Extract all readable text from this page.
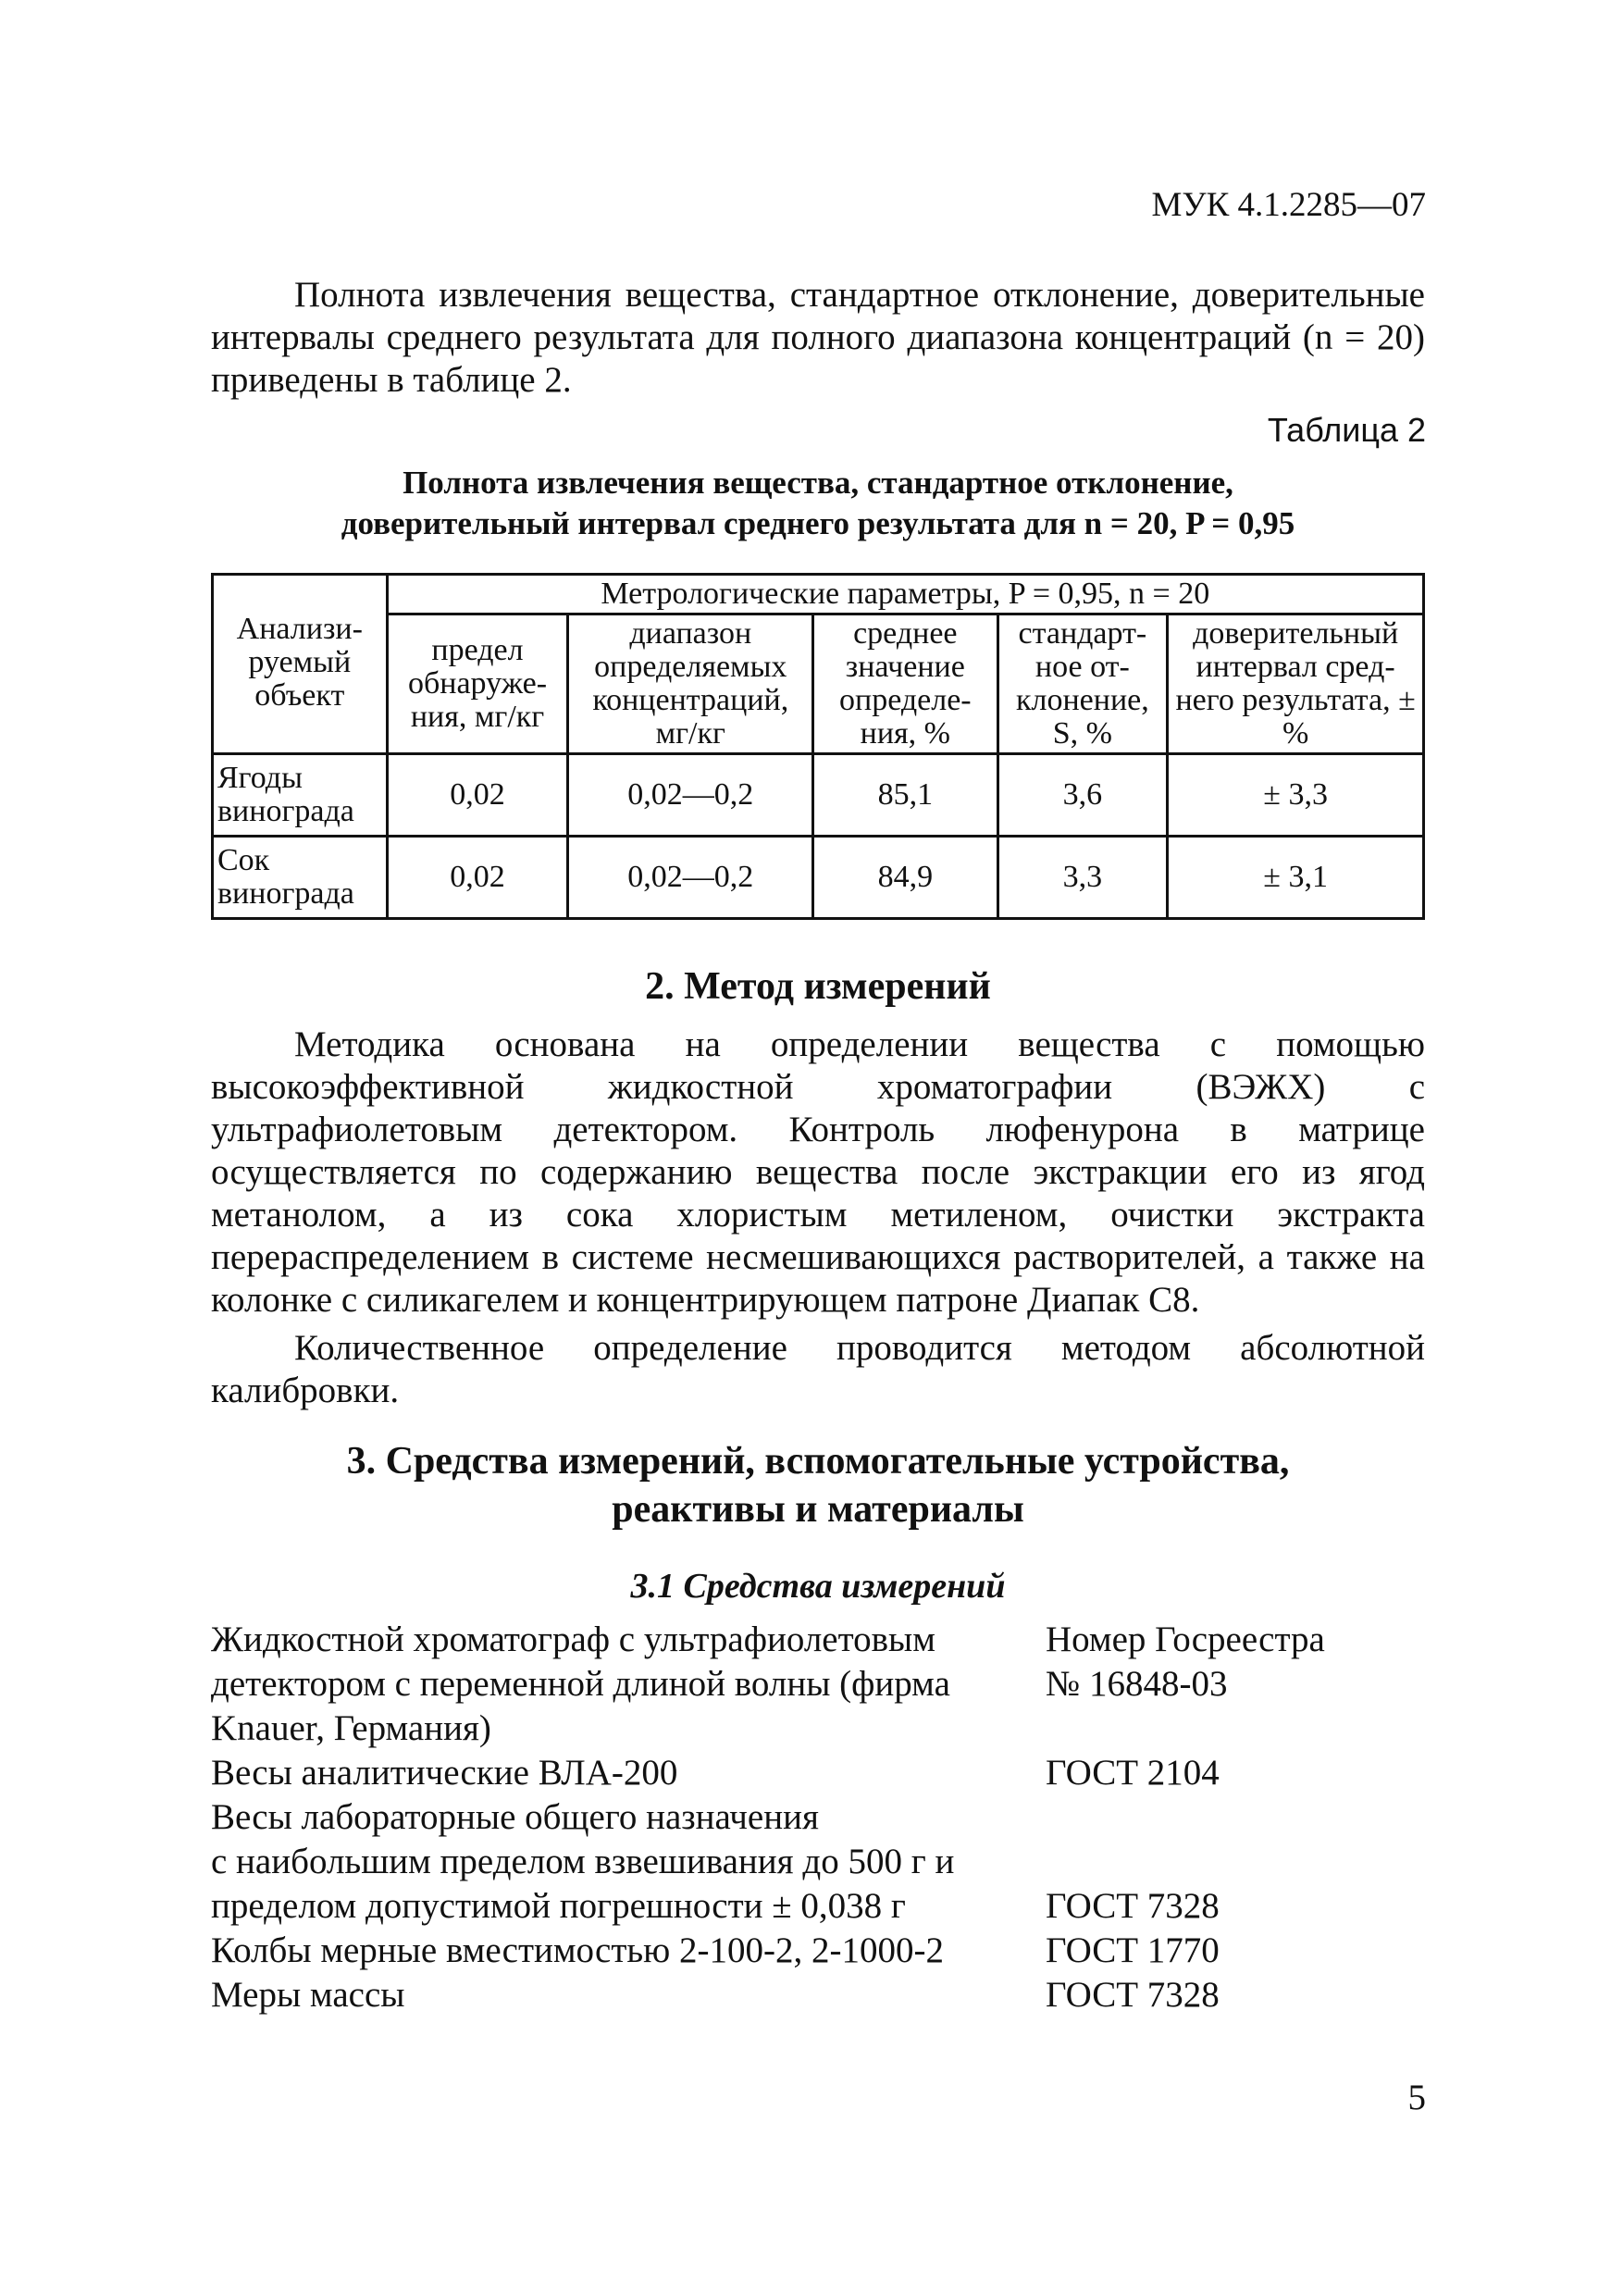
МУК 4.1.2285—07
Полнота извлечения вещества, стандартное отклонение, доверительные интервалы среднего результата для полного диапазона концентраций (n = 20) приведены в таблице 2.
Таблица 2
Полнота извлечения вещества, стандартное отклонение,
доверительный интервал среднего результата для n = 20, P = 0,95
Анализи-руемый объект	Метрологические параметры, P = 0,95, n = 20				
	предел обнаруже-ния, мг/кг	диапазон определяемых концентраций, мг/кг	среднее значение определе-ния, %	стандарт-ное от-клонение, S, %	доверительный интервал сред-него результата, ± %
Ягоды винограда	0,02	0,02—0,2	85,1	3,6	± 3,3
Сок винограда	0,02	0,02—0,2	84,9	3,3	± 3,1
2. Метод измерений
Методика основана на определении вещества с помощью высокоэффективной жидкостной хроматографии (ВЭЖХ) с ультрафиолетовым детектором. Контроль люфенурона в матрице осуществляется по содержанию вещества после экстракции его из ягод метанолом, а из сока хлористым метиленом, очистки экстракта перераспределением в системе несмешивающихся растворителей, а также на колонке с силикагелем и концентрирующем патроне Диапак С8.
Количественное определение проводится методом абсолютной калибровки.
3. Средства измерений, вспомогательные устройства,
реактивы и материалы
3.1 Средства измерений
Жидкостной хроматограф с ультрафиолетовым	Номер Госреестра
детектором с переменной длиной волны (фирма	№ 16848-03
Knauer, Германия)
Весы аналитические ВЛА-200	ГОСТ 2104
Весы лабораторные общего назначения
с наибольшим пределом взвешивания до 500 г и
пределом допустимой погрешности ± 0,038 г	ГОСТ 7328
Колбы мерные вместимостью 2-100-2, 2-1000-2	ГОСТ 1770
Меры массы	ГОСТ 7328
5
